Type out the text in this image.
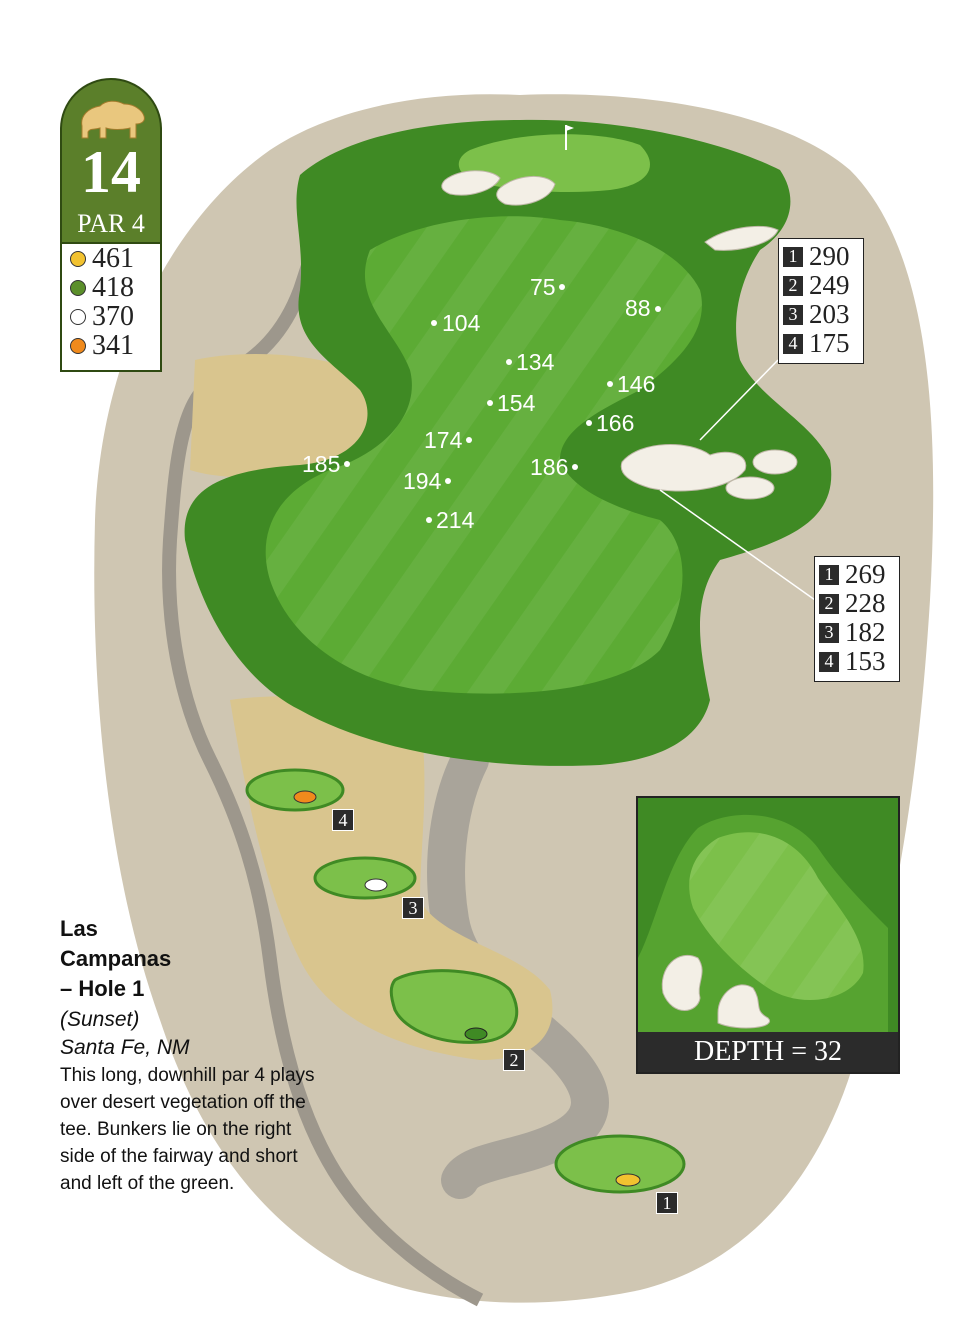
75
88
104
134
146
154
166
174
185	186
194
214
14
PAR 4
461
418
370
341
1 290
2 249
3 203
4 175
1 269
2 228
3 182
4 153
4
3
2
1
DEPTH = 32
Las
Campanas
– Hole 1
(Sunset)
Santa Fe, NM
This long, downhill par 4 plays over desert vegetation off the tee. Bunkers lie on the right side of the fairway and short and left of the green.
